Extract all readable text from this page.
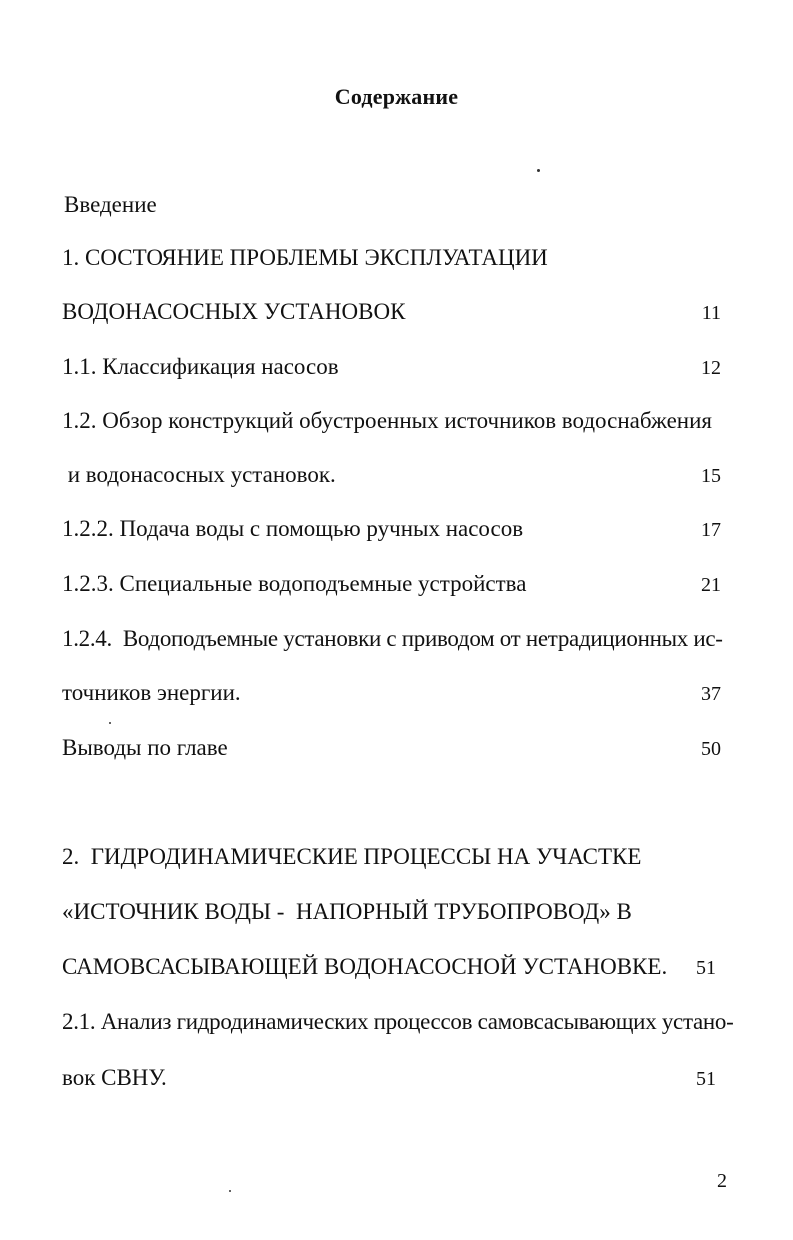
Содержание
Введение
1. СОСТОЯНИЕ ПРОБЛЕМЫ ЭКСПЛУАТАЦИИ
ВОДОНАСОСНЫХ УСТАНОВОК	11
1.1. Классификация насосов	12
1.2. Обзор конструкций обустроенных источников водоснабжения
и водонасосных установок.	15
1.2.2. Подача воды с помощью ручных насосов	17
1.2.3. Специальные водоподъемные устройства	21
1.2.4.  Водоподъемные установки с приводом от нетрадиционных ис-
точников энергии.	37
Выводы по главе	50
2.  ГИДРОДИНАМИЧЕСКИЕ ПРОЦЕССЫ НА УЧАСТКЕ
«ИСТОЧНИК ВОДЫ -  НАПОРНЫЙ ТРУБОПРОВОД» В
САМОВСАСЫВАЮЩЕЙ ВОДОНАСОСНОЙ УСТАНОВКЕ.	51
2.1. Анализ гидродинамических процессов самовсасывающих устано-
вок СВНУ.	51
2
